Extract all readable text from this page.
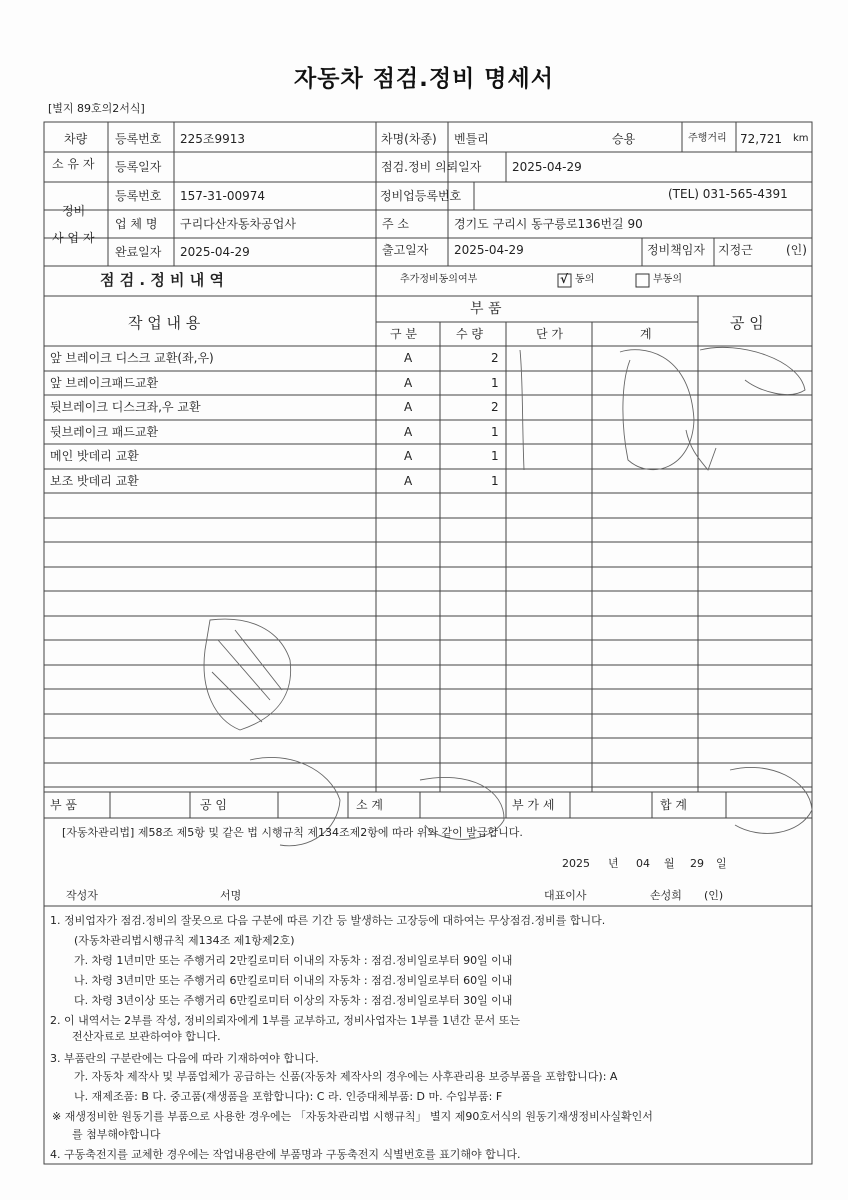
자동차 점검.정비 명세서
[별지 89호의2서식]
√
차량
소 유 자
등록번호 225조9913
등록일자
차명(차종) 벤틀리	승용	주행거리 72,721 km
점검.정비 의뢰일자	2025-04-29
정비
사 업 자
등록번호 157-31-00974	정비업등록번호	(TEL) 031-565-4391
업 체 명 구리다산자동차공업사	주 소	경기도 구리시 동구릉로136번길 90
완료일자 2025-04-29	출고일자 2025-04-29	정비책임자 지정근	(인)
점 검 . 정 비 내 역	추가정비동의여부	동의	부동의
작 업 내 용
부 품
구 분	수 량	단 가	계
공 임
앞 브레이크 디스크 교환(좌,우)	A	2
앞 브레이크패드교환	A	1
뒷브레이크 디스크좌,우 교환	A	2
뒷브레이크 패드교환	A	1
메인 밧데리 교환	A	1
보조 밧데리 교환	A	1
부 품	공 임	소 계	부 가 세	합 계
[자동차관리법] 제58조 제5항 및 같은 법 시행규칙 제134조제2항에 따라 위와 같이 발급합니다.
2025 년 04 월 29 일
작성자	서명	대표이사	손성희 (인)
1. 정비업자가 점검.정비의 잘못으로 다음 구분에 따른 기간 등 발생하는 고장등에 대하여는 무상점검.정비를 합니다.
(자동차관리법시행규칙 제134조 제1항제2호)
가. 차령 1년미만 또는 주행거리 2만킬로미터 이내의 자동차 : 점검.정비일로부터 90일 이내
나. 차령 3년미만 또는 주행거리 6만킬로미터 이내의 자동차 : 점검.정비일로부터 60일 이내
다. 차령 3년이상 또는 주행거리 6만킬로미터 이상의 자동차 : 점검.정비일로부터 30일 이내
2. 이 내역서는 2부를 작성, 정비의뢰자에게 1부를 교부하고, 정비사업자는 1부를 1년간 문서 또는
전산자료로 보관하여야 합니다.
3. 부품란의 구분란에는 다음에 따라 기재하여야 합니다.
가. 자동차 제작사 및 부품업체가 공급하는 신품(자동차 제작사의 경우에는 사후관리용 보증부품을 포함합니다): A
나. 재제조품: B 다. 중고품(재생품을 포함합니다): C 라. 인증대체부품: D 마. 수입부품: F
※ 재생정비한 원동기를 부품으로 사용한 경우에는 「자동차관리법 시행규칙」 별지 제90호서식의 원동기재생정비사실확인서
를 첨부해야합니다
4. 구동축전지를 교체한 경우에는 작업내용란에 부품명과 구동축전지 식별번호를 표기해야 합니다.
